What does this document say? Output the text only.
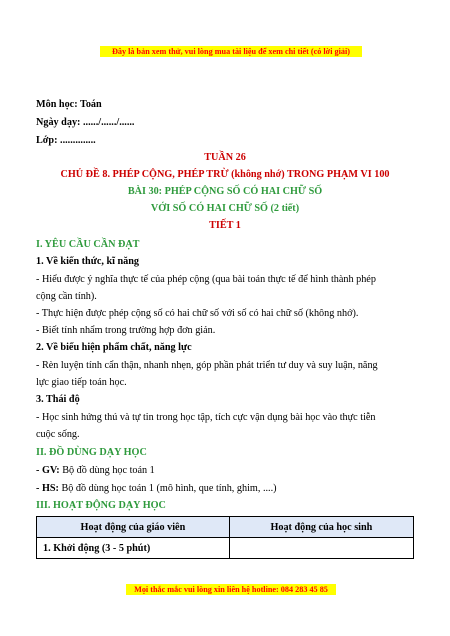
Đây là bản xem thử, vui lòng mua tài liệu để xem chi tiết (có lời giải)
Môn học: Toán
Ngày dạy: ....../....../......
Lớp: ..............
TUẦN 26
CHỦ ĐỀ 8. PHÉP CỘNG, PHÉP TRỪ (không nhớ) TRONG PHẠM VI 100
BÀI 30: PHÉP CỘNG SỐ CÓ HAI CHỮ SỐ
VỚI SỐ CÓ HAI CHỮ SỐ (2 tiết)
TIẾT 1
I. YÊU CẦU CẦN ĐẠT
1. Về kiến thức, kĩ năng
- Hiểu được ý nghĩa thực tế của phép cộng (qua bài toán thực tế để hình thành phép
cộng cần tính).
- Thực hiện được phép cộng số có hai chữ số với số có hai chữ số (không nhớ).
- Biết tính nhẩm trong trường hợp đơn giản.
2. Về biểu hiện phẩm chất, năng lực
- Rèn luyện tính cẩn thận, nhanh nhẹn, góp phần phát triển tư duy và suy luận, năng
lực giao tiếp toán học.
3. Thái độ
- Học sinh hứng thú và tự tin trong học tập, tích cực vận dụng bài học vào thực tiễn
cuộc sống.
II. ĐỒ DÙNG DẠY HỌC
- GV: Bộ đồ dùng học toán 1
- HS: Bộ đồ dùng học toán 1 (mô hình, que tính, ghim, ....)
III. HOẠT ĐỘNG DẠY HỌC
Hoạt động của giáo viên	Hoạt động của học sinh
1. Khởi động (3 - 5 phút)	
Mọi thắc mắc vui lòng xin liên hệ hotline: 084 283 45 85
